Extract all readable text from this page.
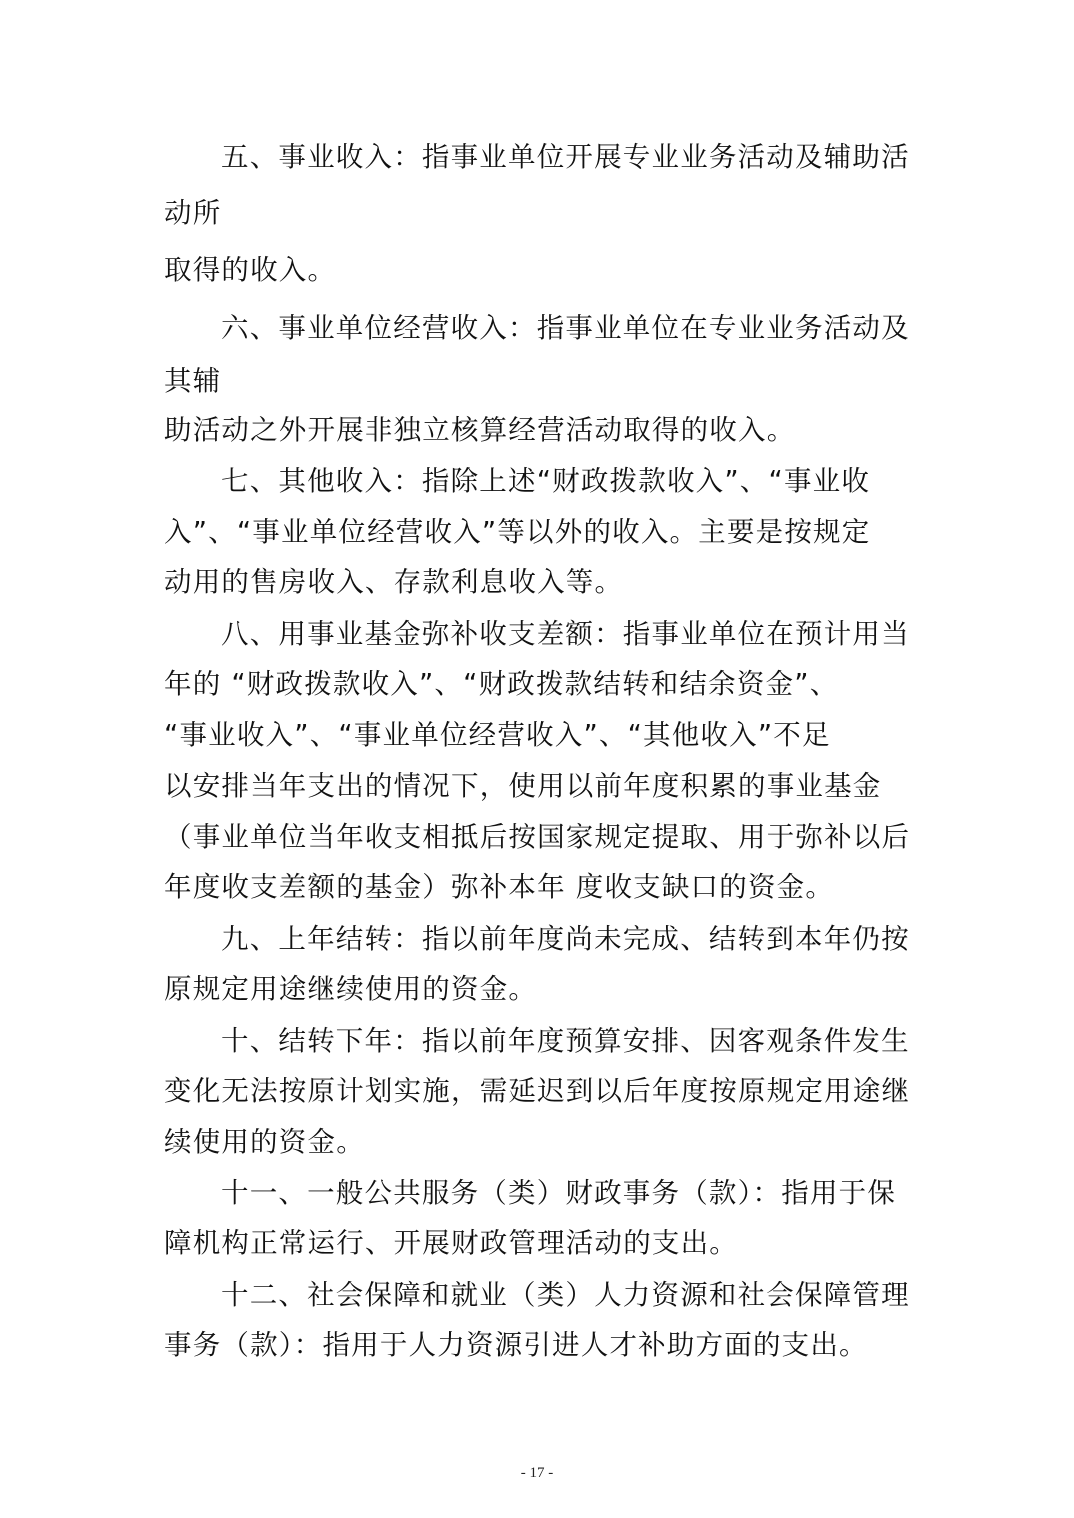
五、事业收入：指事业单位开展专业业务活动及辅助活
动所
取得的收入。
六、事业单位经营收入：指事业单位在专业业务活动及
其辅
助活动之外开展非独立核算经营活动取得的收入。
七、其他收入：指除上述“财政拨款收入”、“事业收
入”、“事业单位经营收入”等以外的收入。主要是按规定
动用的售房收入、存款利息收入等。
八、用事业基金弥补收支差额：指事业单位在预计用当
年的 “财政拨款收入”、“财政拨款结转和结余资金”、
“事业收入”、“事业单位经营收入”、“其他收入”不足
以安排当年支出的情况下，使用以前年度积累的事业基金
（事业单位当年收支相抵后按国家规定提取、用于弥补以后
年度收支差额的基金）弥补本年 度收支缺口的资金。
九、上年结转：指以前年度尚未完成、结转到本年仍按
原规定用途继续使用的资金。
十、结转下年：指以前年度预算安排、因客观条件发生
变化无法按原计划实施，需延迟到以后年度按原规定用途继
续使用的资金。
十一、一般公共服务（类）财政事务（款）：指用于保
障机构正常运行、开展财政管理活动的支出。
十二、社会保障和就业（类）人力资源和社会保障管理
事务（款）：指用于人力资源引进人才补助方面的支出。
- 17 -
